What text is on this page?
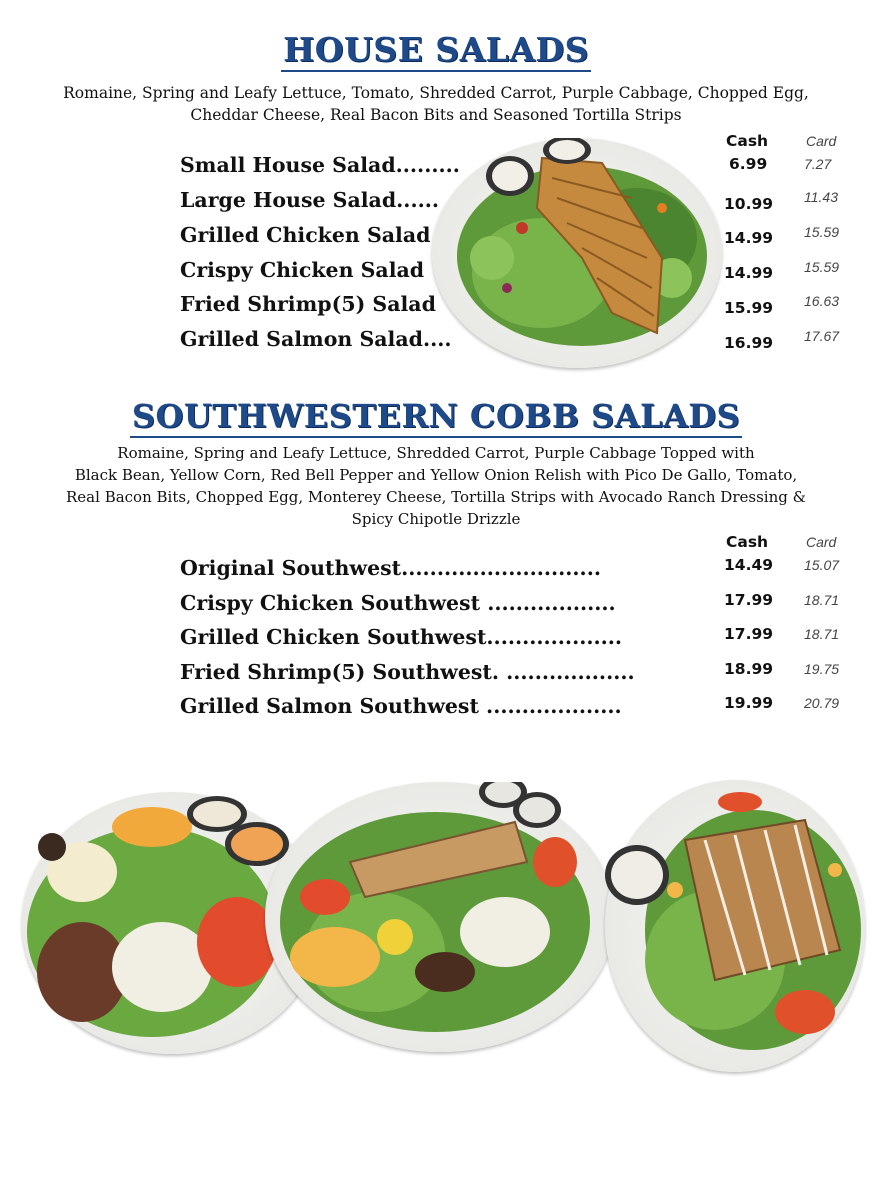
HOUSE SALADS
Romaine, Spring and Leafy Lettuce, Tomato, Shredded Carrot, Purple Cabbage, Chopped Egg,
Cheddar Cheese, Real Bacon Bits and Seasoned Tortilla Strips
Cash	Card
Small House Salad.........	6.99	7.27
Large House Salad......	10.99 11.43
Grilled Chicken Salad	14.99 15.59
Crispy Chicken Salad	14.99 15.59
Fried Shrimp(5) Salad	15.99 16.63
Grilled Salmon Salad....	16.99 17.67
SOUTHWESTERN COBB SALADS
Romaine, Spring and Leafy Lettuce, Shredded Carrot, Purple Cabbage Topped with
Black Bean, Yellow Corn, Red Bell Pepper and Yellow Onion Relish with Pico De Gallo, Tomato,
Real Bacon Bits, Chopped Egg, Monterey Cheese, Tortilla Strips with Avocado Ranch Dressing &
Spicy Chipotle Drizzle
Cash	Card
Original Southwest............................	14.49 15.07
Crispy Chicken Southwest ..................	17.99 18.71
Grilled Chicken Southwest...................	17.99 18.71
Fried Shrimp(5) Southwest. ..................	18.99 19.75
Grilled Salmon Southwest ...................	19.99 20.79
